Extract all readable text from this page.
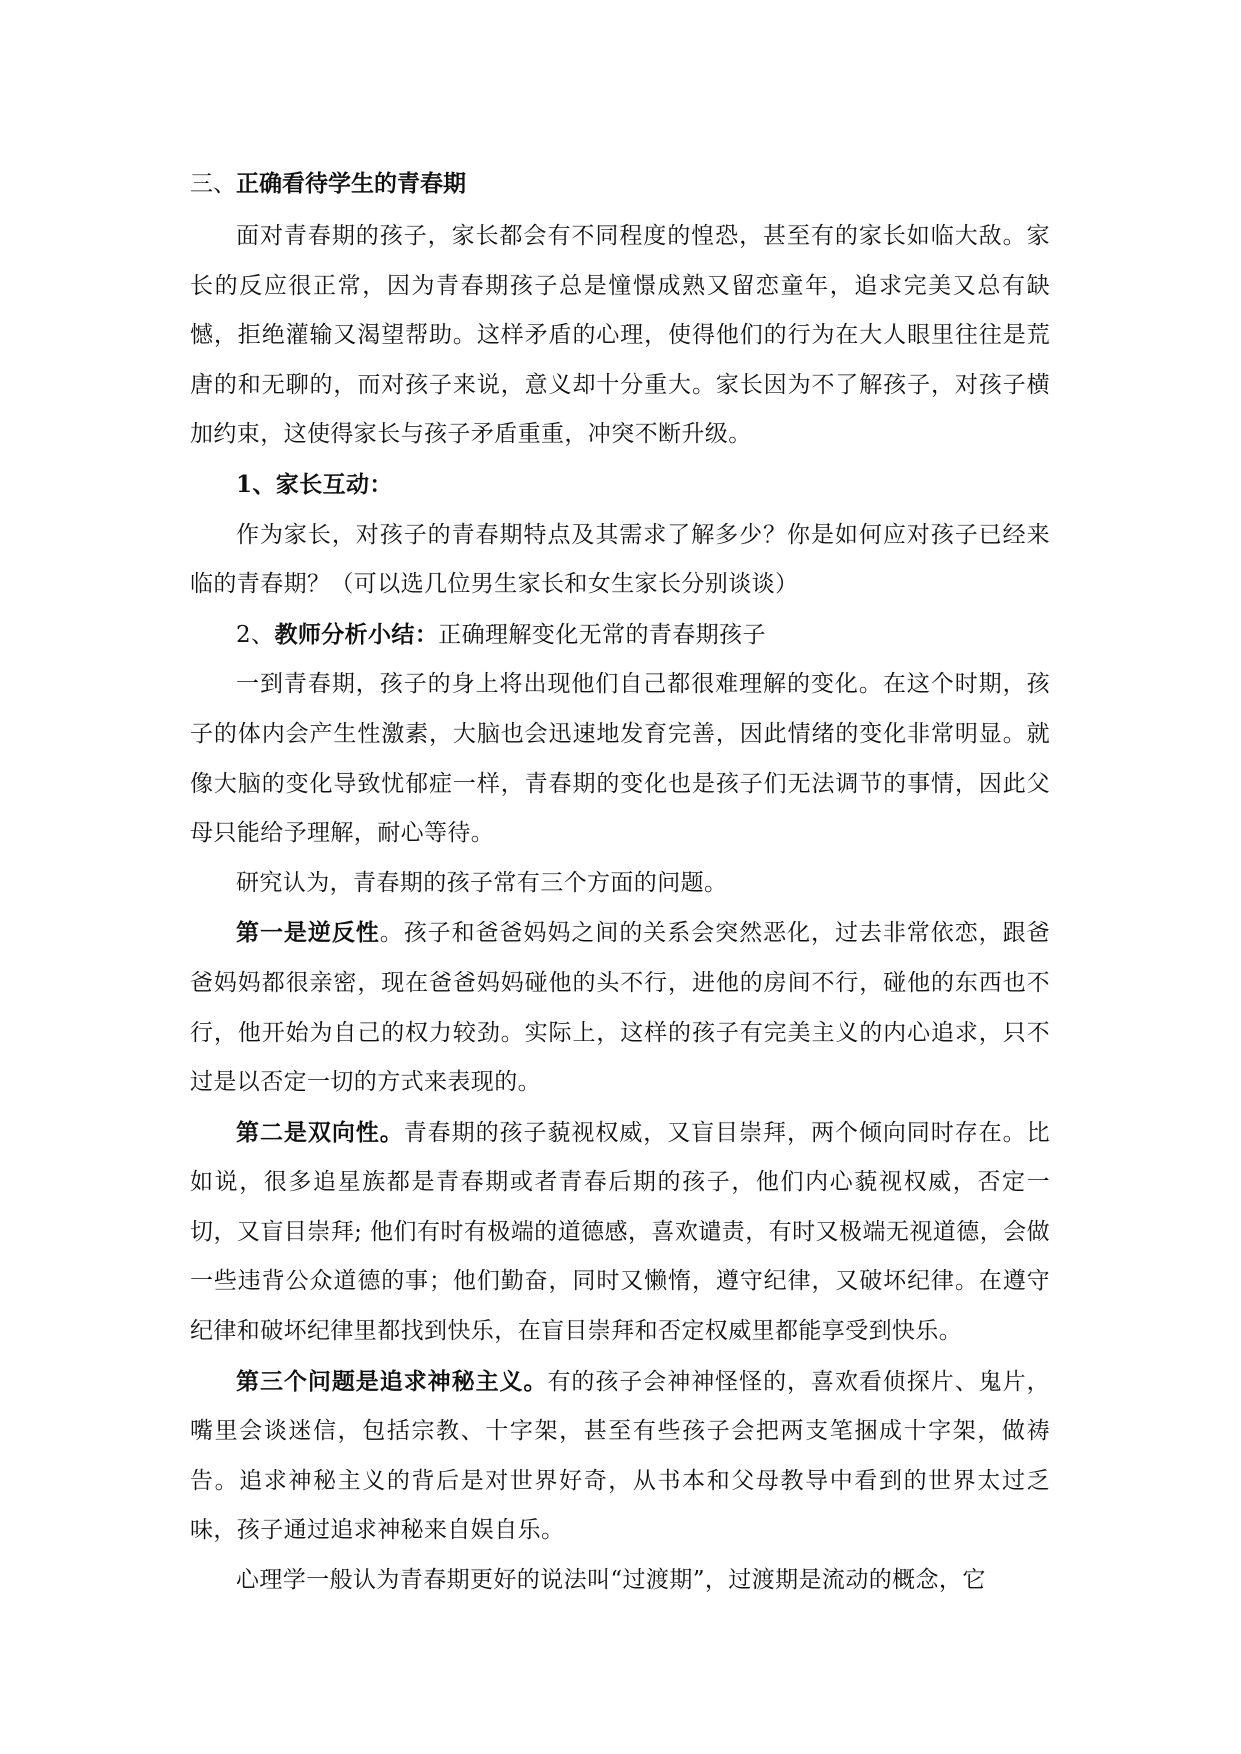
三、正确看待学生的青春期

面对青春期的孩子，家长都会有不同程度的惶恐，甚至有的家长如临大敌。家长的反应很正常，因为青春期孩子总是憧憬成熟又留恋童年，追求完美又总有缺憾，拒绝灌输又渴望帮助。这样矛盾的心理，使得他们的行为在大人眼里往往是荒唐的和无聊的，而对孩子来说，意义却十分重大。家长因为不了解孩子，对孩子横加约束，这使得家长与孩子矛盾重重，冲突不断升级。

1、家长互动：

作为家长，对孩子的青春期特点及其需求了解多少？你是如何应对孩子已经来临的青春期？（可以选几位男生家长和女生家长分别谈谈）

2、教师分析小结：正确理解变化无常的青春期孩子

一到青春期，孩子的身上将出现他们自己都很难理解的变化。在这个时期，孩子的体内会产生性激素，大脑也会迅速地发育完善，因此情绪的变化非常明显。就像大脑的变化导致忧郁症一样，青春期的变化也是孩子们无法调节的事情，因此父母只能给予理解，耐心等待。

研究认为，青春期的孩子常有三个方面的问题。

第一是逆反性。孩子和爸爸妈妈之间的关系会突然恶化，过去非常依恋，跟爸爸妈妈都很亲密，现在爸爸妈妈碰他的头不行，进他的房间不行，碰他的东西也不行，他开始为自己的权力较劲。实际上，这样的孩子有完美主义的内心追求，只不过是以否定一切的方式来表现的。

第二是双向性。青春期的孩子藐视权威，又盲目崇拜，两个倾向同时存在。比如说，很多追星族都是青春期或者青春后期的孩子，他们内心藐视权威，否定一切，又盲目崇拜; 他们有时有极端的道德感，喜欢谴责，有时又极端无视道德，会做一些违背公众道德的事；他们勤奋，同时又懒惰，遵守纪律，又破坏纪律。在遵守纪律和破坏纪律里都找到快乐，在盲目崇拜和否定权威里都能享受到快乐。

第三个问题是追求神秘主义。有的孩子会神神怪怪的，喜欢看侦探片、鬼片，嘴里会谈迷信，包括宗教、十字架，甚至有些孩子会把两支笔捆成十字架，做祷告。追求神秘主义的背后是对世界好奇，从书本和父母教导中看到的世界太过乏味，孩子通过追求神秘来自娱自乐。

心理学一般认为青春期更好的说法叫“过渡期”，过渡期是流动的概念，它
